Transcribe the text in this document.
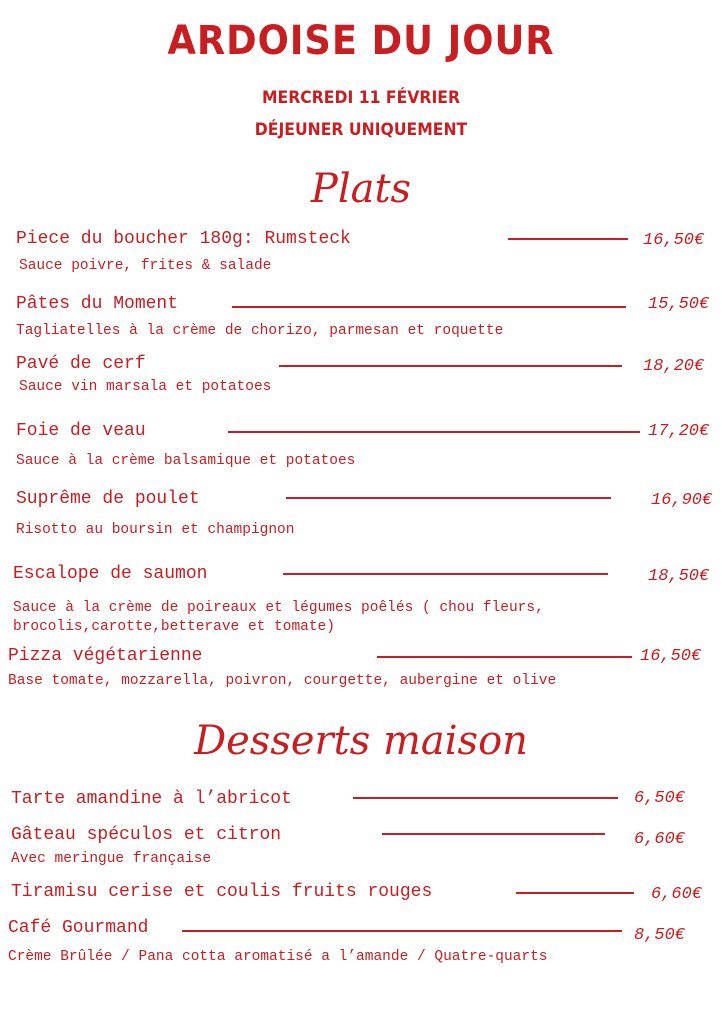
ARDOISE DU JOUR
MERCREDI 11 FÉVRIER
DÉJEUNER UNIQUEMENT
Plats
Piece du boucher 180g: Rumsteck	16,50€
Sauce poivre, frites & salade
Pâtes du Moment	15,50€
Tagliatelles à la crème de chorizo, parmesan et roquette
Pavé de cerf	18,20€
Sauce vin marsala et potatoes
Foie de veau	17,20€
Sauce à la crème balsamique et potatoes
Suprême de poulet	16,90€
Risotto au boursin et champignon
Escalope de saumon	18,50€
Sauce à la crème de poireaux et légumes poêlés ( chou fleurs,
brocolis,carotte,betterave et tomate)
Pizza végétarienne	16,50€
Base tomate, mozzarella, poivron, courgette, aubergine et olive
Desserts maison
Tarte amandine à l’abricot	6,50€
Gâteau spéculos et citron	6,60€
Avec meringue française
Tiramisu cerise et coulis fruits rouges	6,60€
Café Gourmand	8,50€
Crème Brûlée / Pana cotta aromatisé a l’amande / Quatre-quarts
